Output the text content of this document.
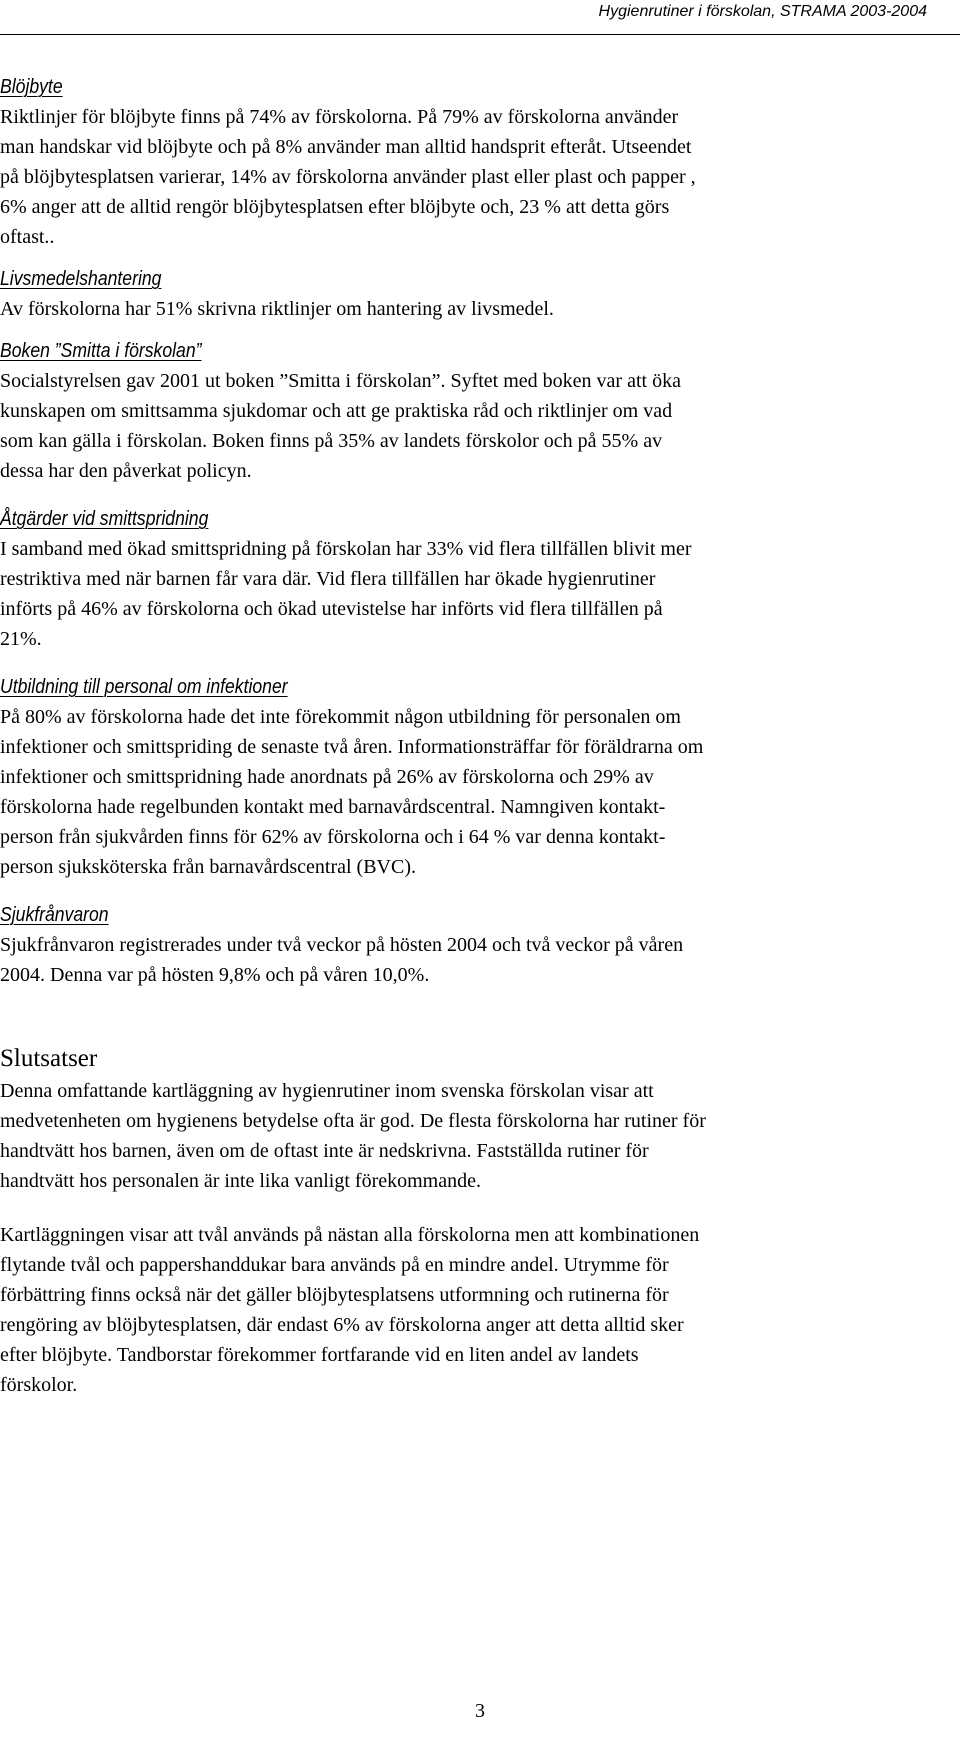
Hygienrutiner i förskolan, STRAMA 2003-2004

Blöjbyte

Riktlinjer för blöjbyte finns på 74% av förskolorna. På 79% av förskolorna använder
man handskar vid blöjbyte och på 8% använder man alltid handsprit efteråt. Utseendet
på blöjbytesplatsen varierar, 14% av förskolorna använder plast eller plast och papper ,
6% anger att de alltid rengör blöjbytesplatsen efter blöjbyte och, 23 % att detta görs
oftast..

Livsmedelshantering

Av förskolorna har 51% skrivna riktlinjer om hantering av livsmedel.

Boken ”Smitta i förskolan”

Socialstyrelsen gav 2001 ut boken ”Smitta i förskolan”. Syftet med boken var att öka
kunskapen om smittsamma sjukdomar och att ge praktiska råd och riktlinjer om vad
som kan gälla i förskolan. Boken finns på 35% av landets förskolor och på 55% av
dessa har den påverkat policyn.

Åtgärder vid smittspridning

I samband med ökad smittspridning på förskolan har 33% vid flera tillfällen blivit mer
restriktiva med när barnen får vara där. Vid flera tillfällen har ökade hygienrutiner
införts på 46% av förskolorna och ökad utevistelse har införts vid flera tillfällen på
21%.

Utbildning till personal om infektioner

På 80% av förskolorna hade det inte förekommit någon utbildning för personalen om
infektioner och smittspriding de senaste två åren. Informationsträffar för föräldrarna om
infektioner och smittspridning hade anordnats på 26% av förskolorna och 29% av
förskolorna hade regelbunden kontakt med barnavårdscentral. Namngiven kontakt-
person från sjukvården finns för 62% av förskolorna och i 64 % var denna kontakt-
person sjuksköterska från barnavårdscentral (BVC).

Sjukfrånvaron

Sjukfrånvaron registrerades under två veckor på hösten 2004 och två veckor på våren
2004. Denna var på hösten 9,8% och på våren 10,0%.

Slutsatser

Denna omfattande kartläggning av hygienrutiner inom svenska förskolan visar att
medvetenheten om hygienens betydelse ofta är god. De flesta förskolorna har rutiner för
handtvätt hos barnen, även om de oftast inte är nedskrivna. Fastställda rutiner för
handtvätt hos personalen är inte lika vanligt förekommande.

Kartläggningen visar att tvål används på nästan alla förskolorna men att kombinationen
flytande tvål och pappershanddukar bara används på en mindre andel. Utrymme för
förbättring finns också när det gäller blöjbytesplatsens utformning och rutinerna för
rengöring av blöjbytesplatsen, där endast 6% av förskolorna anger att detta alltid sker
efter blöjbyte. Tandborstar förekommer fortfarande vid en liten andel av landets
förskolor.

3
